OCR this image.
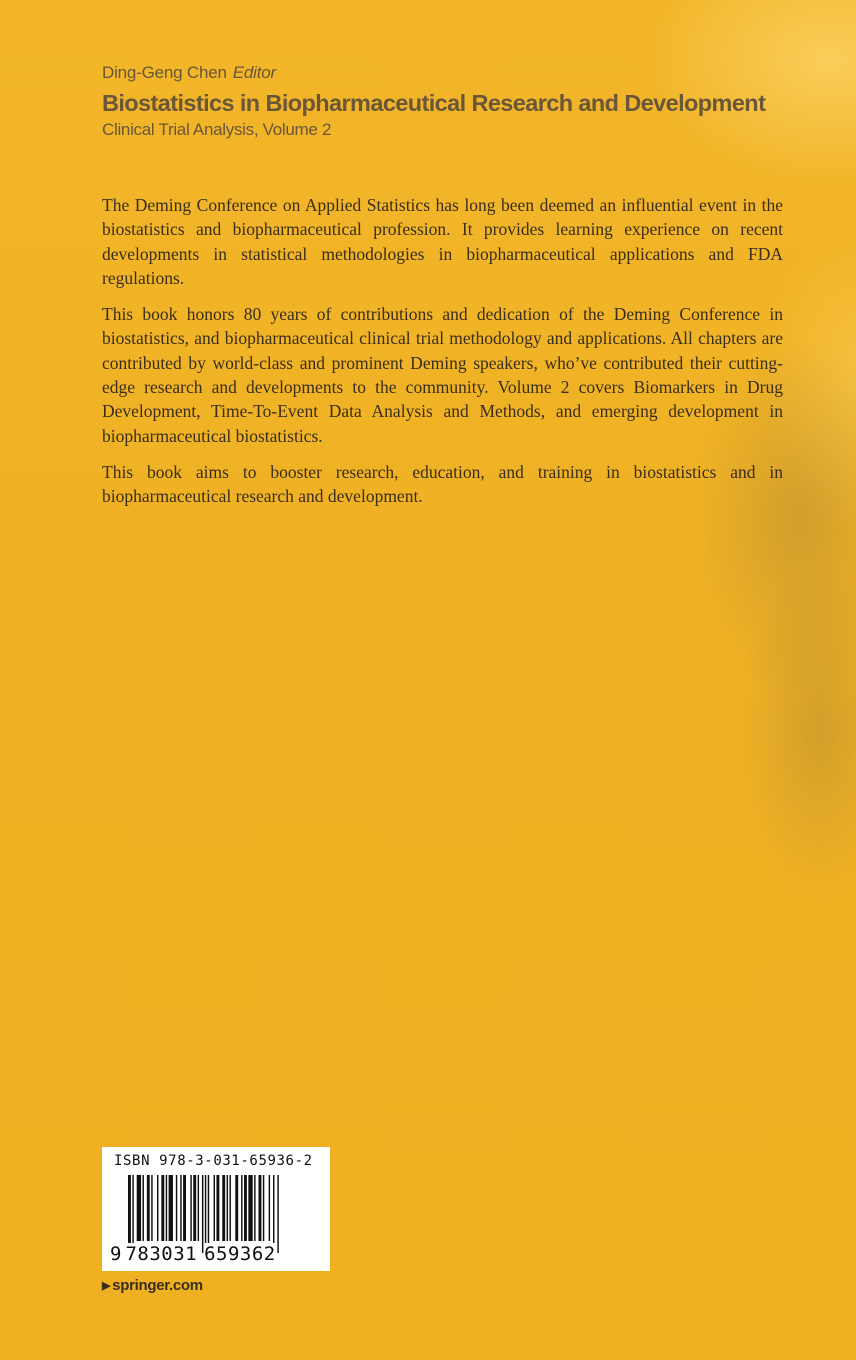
Ding-Geng Chen Editor
Biostatistics in Biopharmaceutical Research and Development
Clinical Trial Analysis, Volume 2

The Deming Conference on Applied Statistics has long been deemed an influential event in the biostatistics and biopharmaceutical profession. It provides learning experience on recent developments in statistical methodologies in biopharmaceutical applications and FDA regulations.

This book honors 80 years of contributions and dedication of the Deming Conference in biostatistics, and biopharmaceutical clinical trial methodology and applications. All chapters are contributed by world-class and prominent Deming speakers, who’ve contributed their cutting-edge research and developments to the community. Volume 2 covers Biomarkers in Drug Development, Time-To-Event Data Analysis and Methods, and emerging development in biopharmaceutical biostatistics.

This book aims to booster research, education, and training in biostatistics and in biopharmaceutical research and development.

ISBN 978-3-031-65936-2
9 783031 659362
▶ springer.com
